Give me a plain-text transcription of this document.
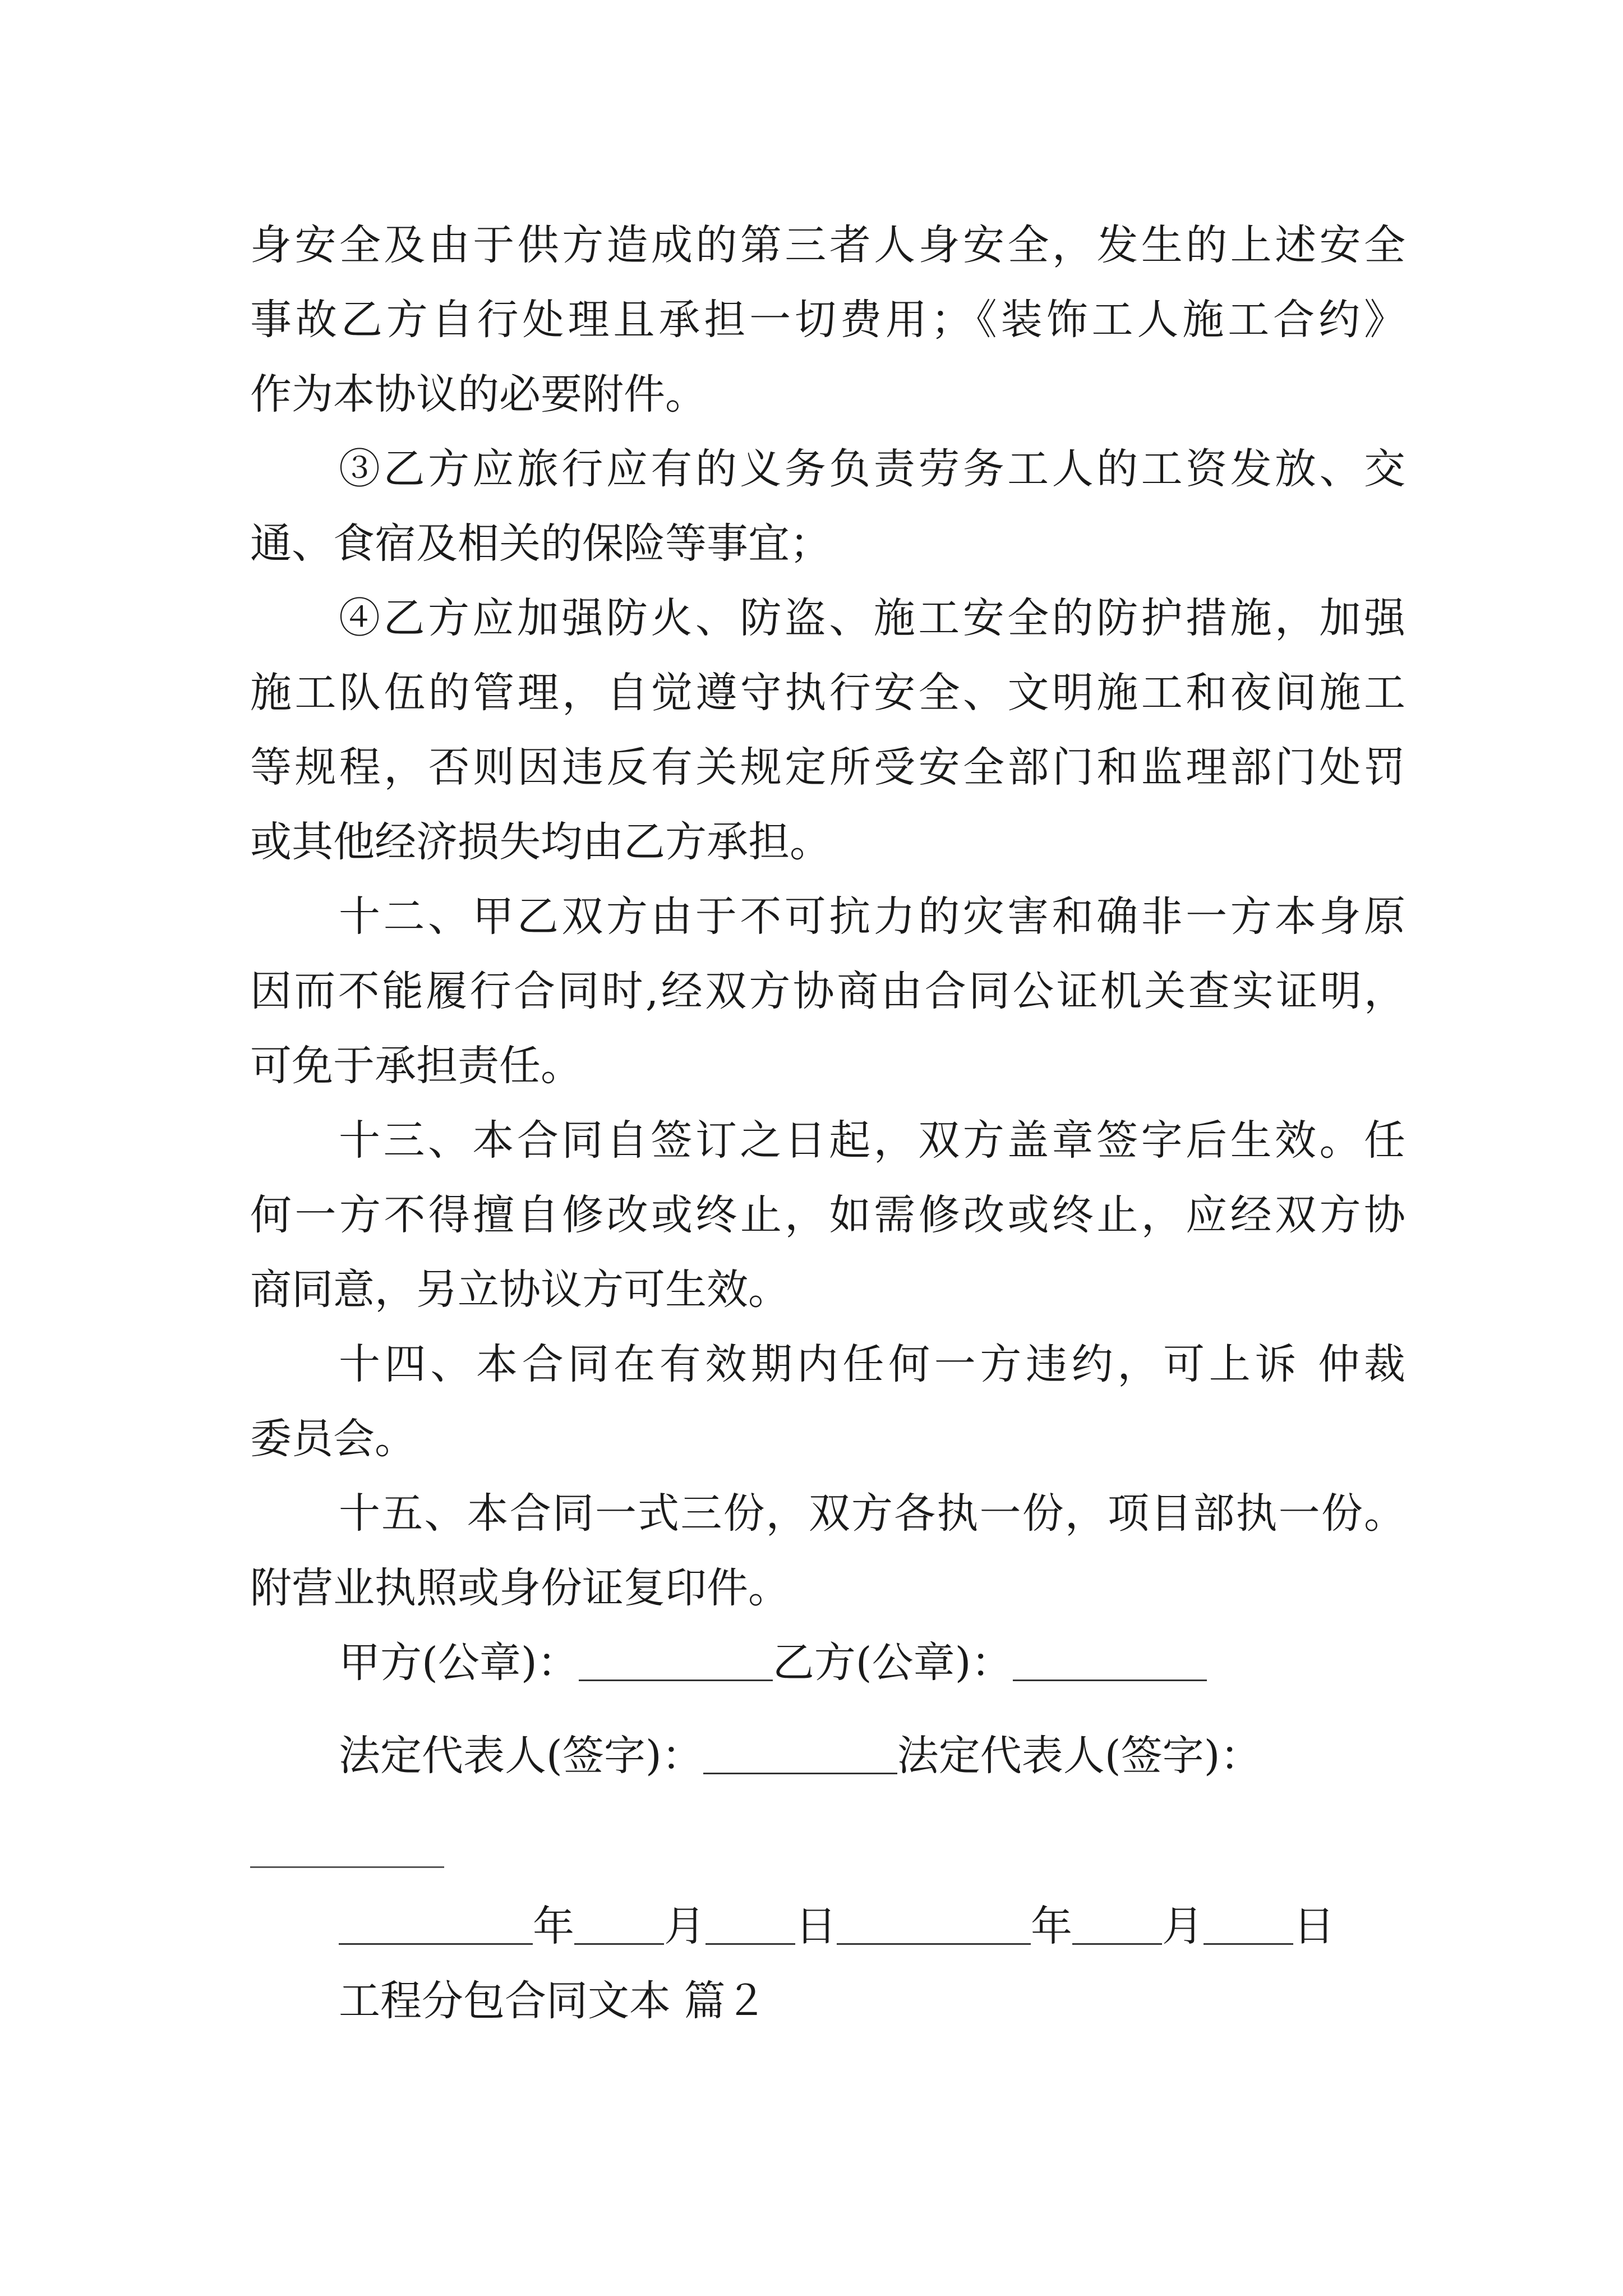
身安全及由于供方造成的第三者人身安全，发生的上述安全
事故乙方自行处理且承担一切费用；《装饰工人施工合约》
作为本协议的必要附件。
③乙方应旅行应有的义务负责劳务工人的工资发放、交
通、食宿及相关的保险等事宜；
④乙方应加强防火、防盗、施工安全的防护措施，加强
施工队伍的管理，自觉遵守执行安全、文明施工和夜间施工
等规程，否则因违反有关规定所受安全部门和监理部门处罚
或其他经济损失均由乙方承担。
十二、甲乙双方由于不可抗力的灾害和确非一方本身原
因而不能履行合同时,经双方协商由合同公证机关查实证明，
可免于承担责任。
十三、本合同自签订之日起，双方盖章签字后生效。任
何一方不得擅自修改或终止，如需修改或终止，应经双方协
商同意，另立协议方可生效。
十四、本合同在有效期内任何一方违约，可上诉 仲裁
委员会。
十五、本合同一式三份，双方各执一份，项目部执一份。
附营业执照或身份证复印件。
甲方(公章)：	乙方(公章)：
法定代表人(签字)：	法定代表人(签字)：
年 月 日	年 月 日
工程分包合同文本 篇２
